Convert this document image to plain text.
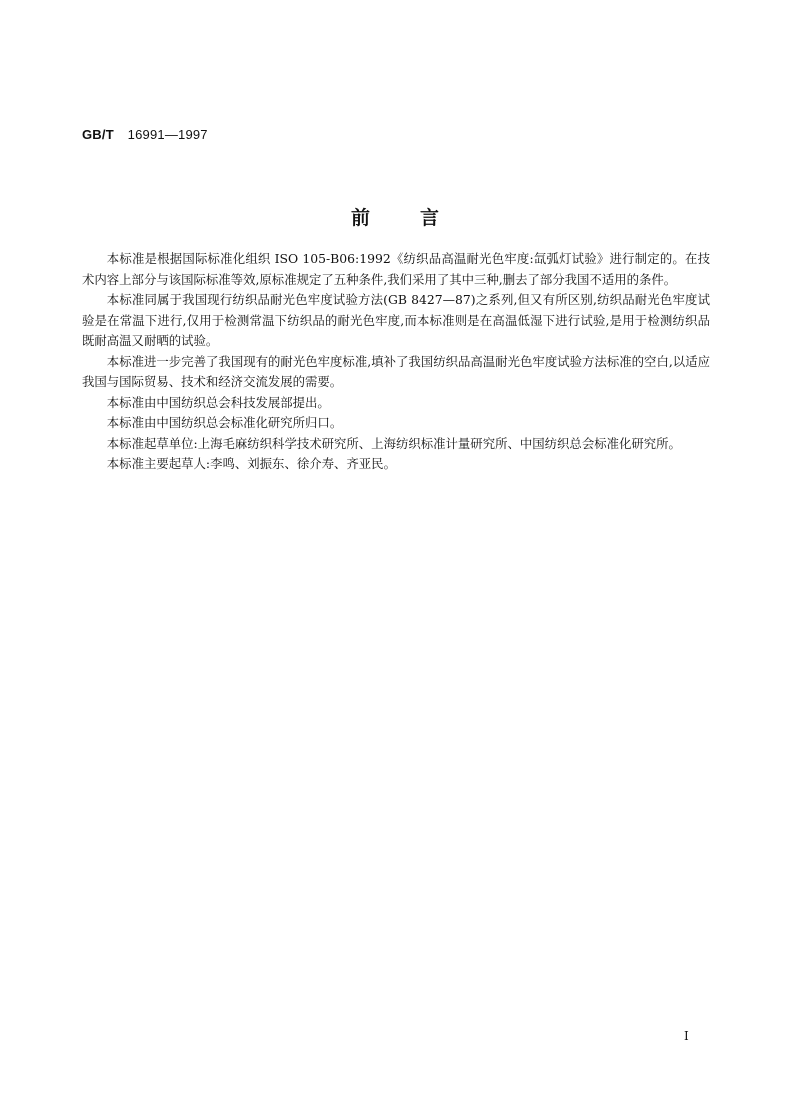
GB/T 16991—1997
前	言

本标准是根据国际标准化组织 ISO 105-B06:1992《纺织品高温耐光色牢度:氙弧灯试验》进行制定的。在技术内容上部分与该国际标准等效,原标准规定了五种条件,我们采用了其中三种,删去了部分我国不适用的条件。

本标准同属于我国现行纺织品耐光色牢度试验方法(GB 8427—87)之系列,但又有所区别,纺织品耐光色牢度试验是在常温下进行,仅用于检测常温下纺织品的耐光色牢度,而本标准则是在高温低湿下进行试验,是用于检测纺织品既耐高温又耐晒的试验。

本标准进一步完善了我国现有的耐光色牢度标准,填补了我国纺织品高温耐光色牢度试验方法标准的空白,以适应我国与国际贸易、技术和经济交流发展的需要。

本标准由中国纺织总会科技发展部提出。

本标准由中国纺织总会标准化研究所归口。

本标准起草单位:上海毛麻纺织科学技术研究所、上海纺织标准计量研究所、中国纺织总会标准化研究所。

本标准主要起草人:李鸣、刘振东、徐介寿、齐亚民。

I
